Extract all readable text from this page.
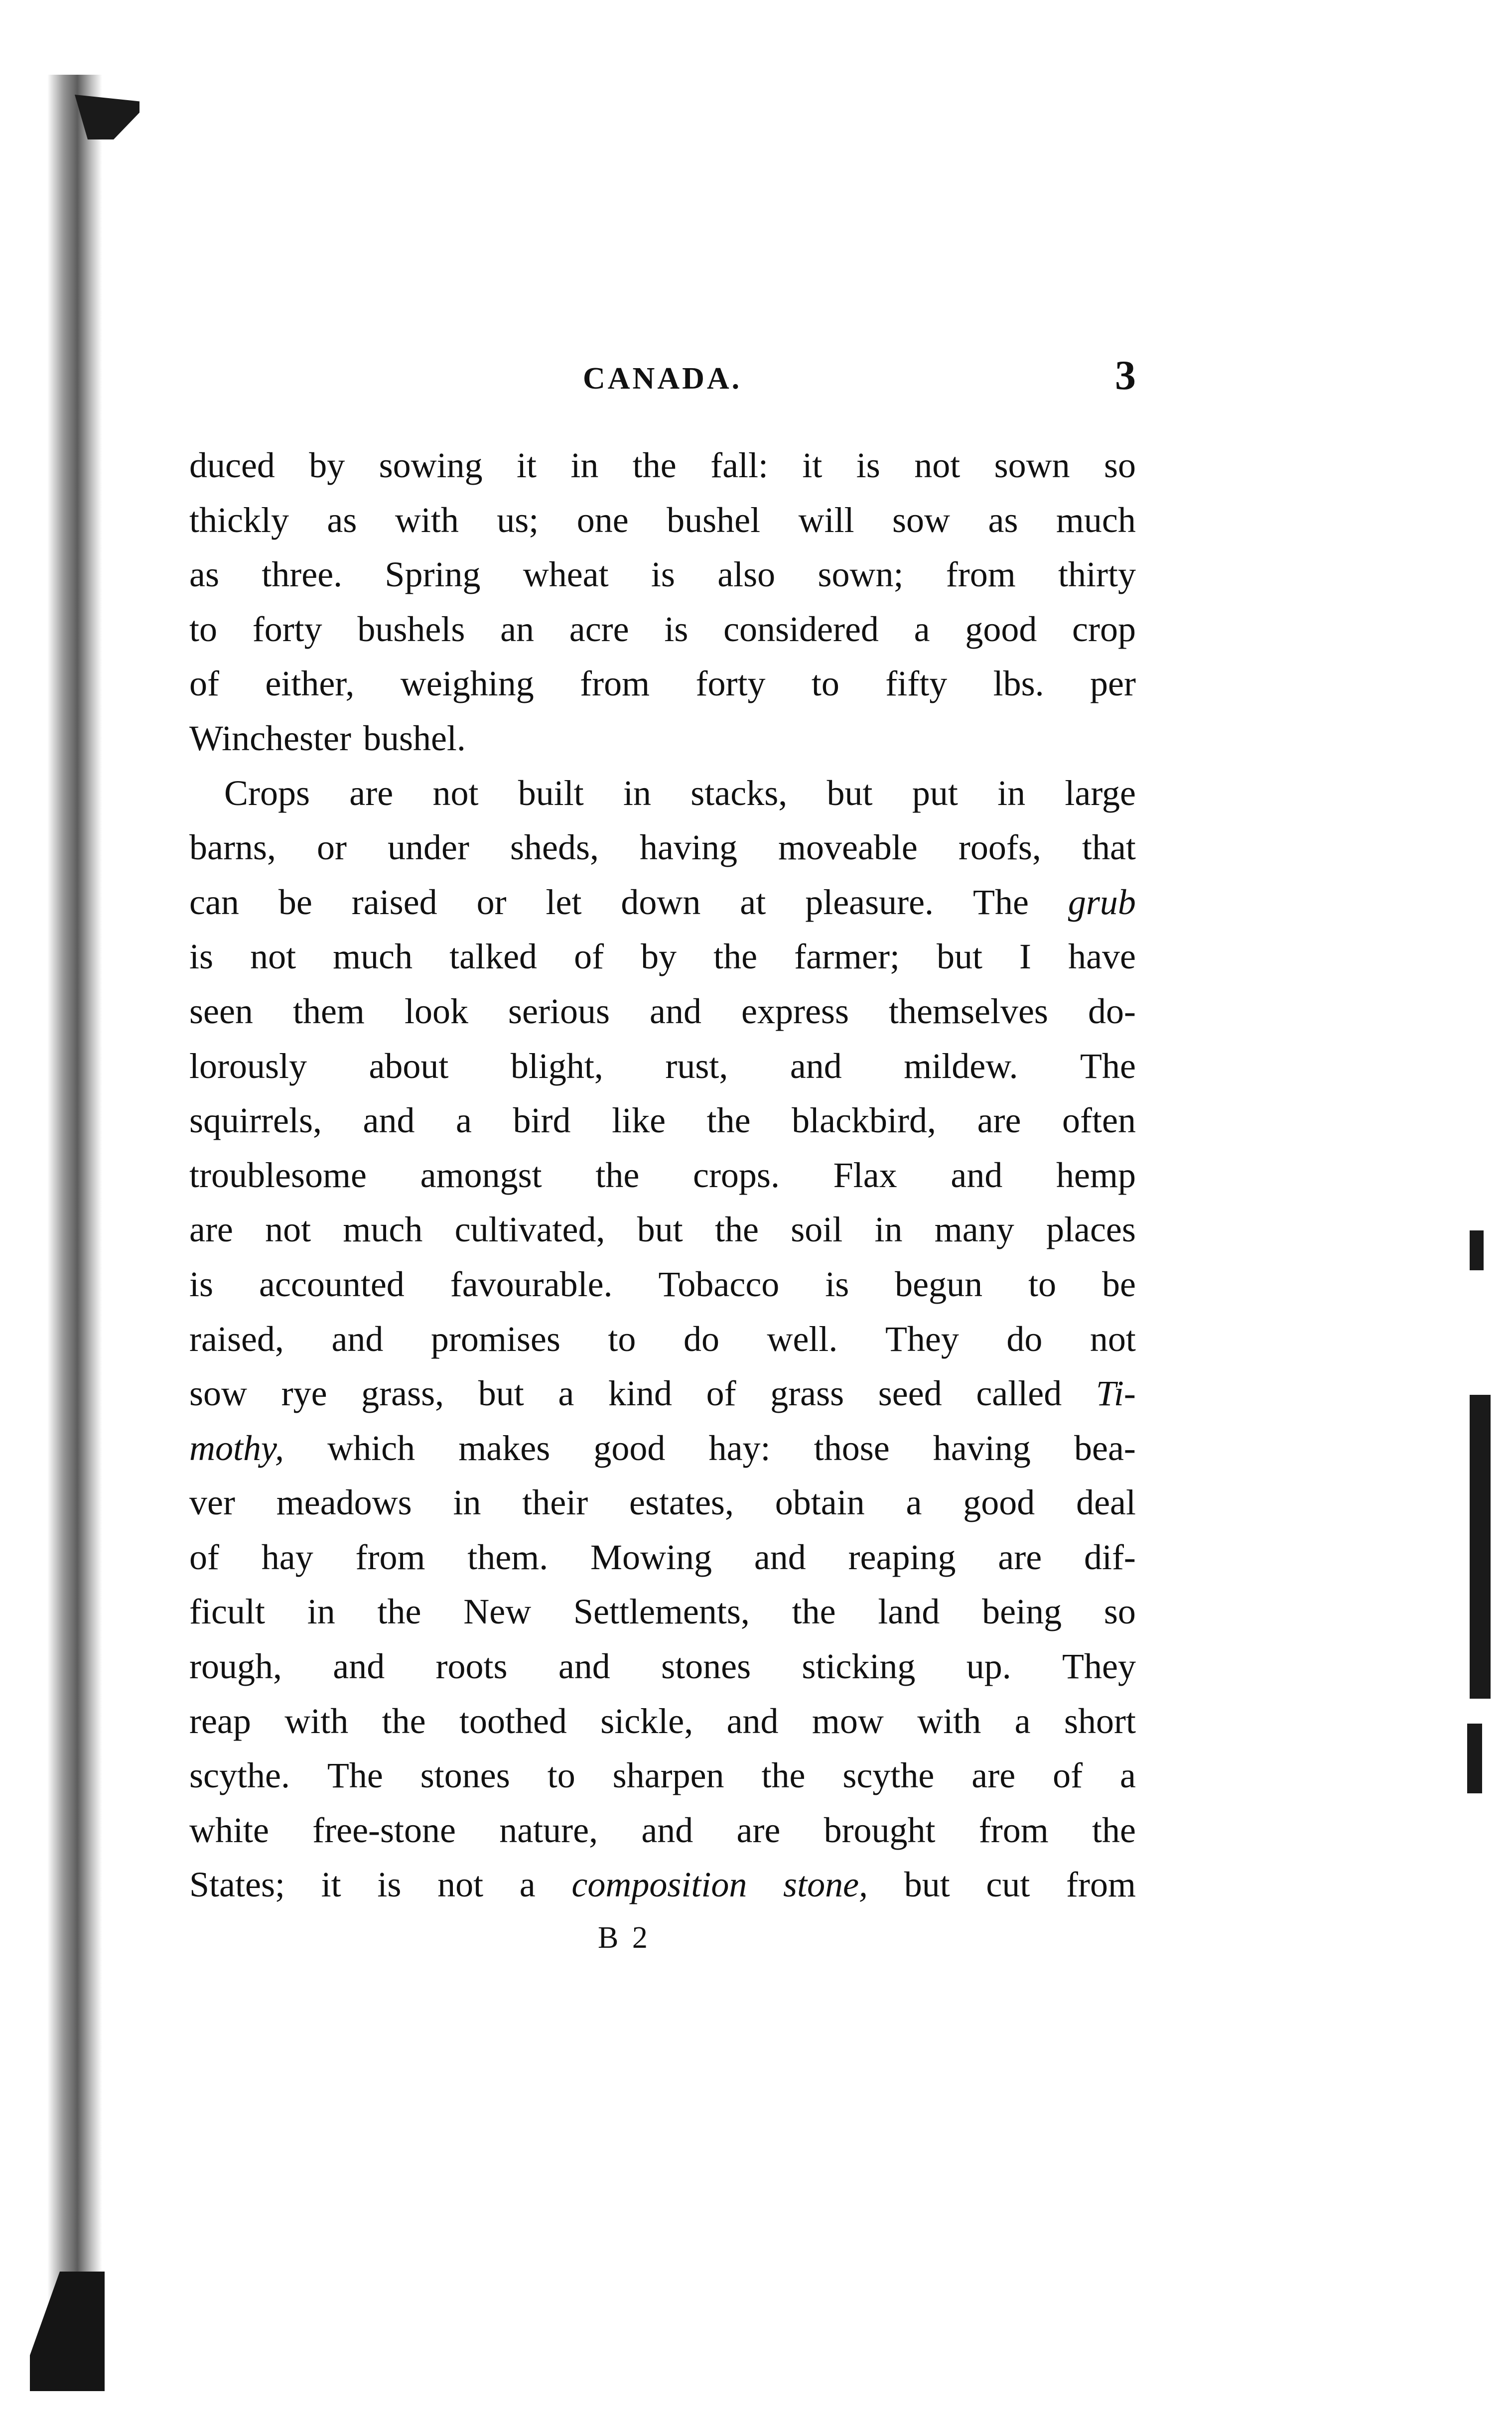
CANADA.	3
duced by sowing it in the fall: it is not sown so
thickly as with us; one bushel will sow as much
as three. Spring wheat is also sown; from thirty
to forty bushels an acre is considered a good crop
of either, weighing from forty to fifty lbs. per
Winchester bushel.
Crops are not built in stacks, but put in large
barns, or under sheds, having moveable roofs, that
can be raised or let down at pleasure. The grub
is not much talked of by the farmer; but I have
seen them look serious and express themselves do-
lorously about blight, rust, and mildew. The
squirrels, and a bird like the blackbird, are often
troublesome amongst the crops. Flax and hemp
are not much cultivated, but the soil in many places
is accounted favourable. Tobacco is begun to be
raised, and promises to do well. They do not
sow rye grass, but a kind of grass seed called Ti-
mothy, which makes good hay: those having bea-
ver meadows in their estates, obtain a good deal
of hay from them. Mowing and reaping are dif-
ficult in the New Settlements, the land being so
rough, and roots and stones sticking up. They
reap with the toothed sickle, and mow with a short
scythe. The stones to sharpen the scythe are of a
white free-stone nature, and are brought from the
States; it is not a composition stone, but cut from
B 2
